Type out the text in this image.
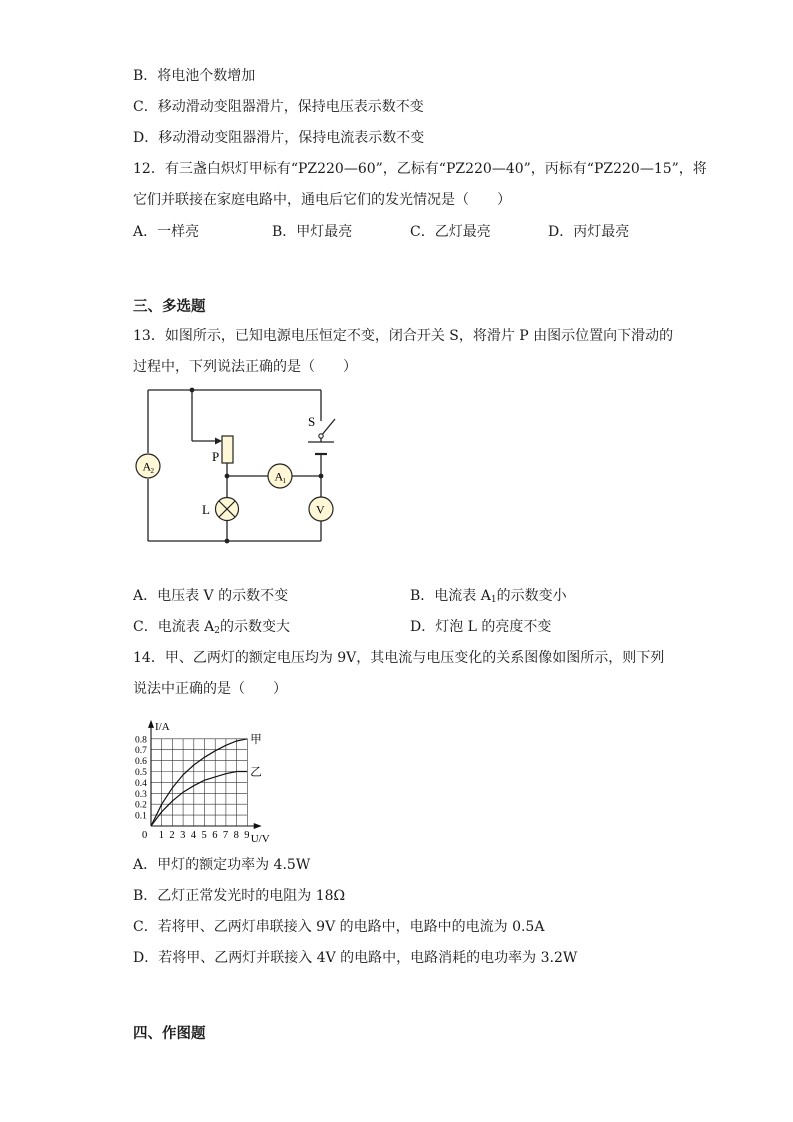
B．将电池个数增加
C．移动滑动变阻器滑片，保持电压表示数不变
D．移动滑动变阻器滑片，保持电流表示数不变
12．有三盏白炽灯甲标有“PZ220—60”，乙标有“PZ220—40”，丙标有“PZ220—15”，将
它们并联接在家庭电路中，通电后它们的发光情况是（　　）
A．一样亮	B．甲灯最亮	C．乙灯最亮	D．丙灯最亮
三、多选题
13．如图所示，已知电源电压恒定不变，闭合开关 S，将滑片 P 由图示位置向下滑动的
过程中，下列说法正确的是（　　）
A 2	A 1
V
L
P
S
A．电压表 V 的示数不变	B．电流表 $A_1$的示数变小
C．电流表 $A_2$的示数变大	D．灯泡 L 的亮度不变
14．甲、乙两灯的额定电压均为 9V，其电流与电压变化的关系图像如图所示，则下列
说法中正确的是（　　）
1 2 3 4 5 6 7 8 9
0.1
0.2
0.3
0.4
0.5
0.6
0.7
0.8
0
I/A
U/V
甲
乙
A．甲灯的额定功率为 4.5W
B．乙灯正常发光时的电阻为 18Ω
C．若将甲、乙两灯串联接入 9V 的电路中，电路中的电流为 0.5A
D．若将甲、乙两灯并联接入 4V 的电路中，电路消耗的电功率为 3.2W
四、作图题
